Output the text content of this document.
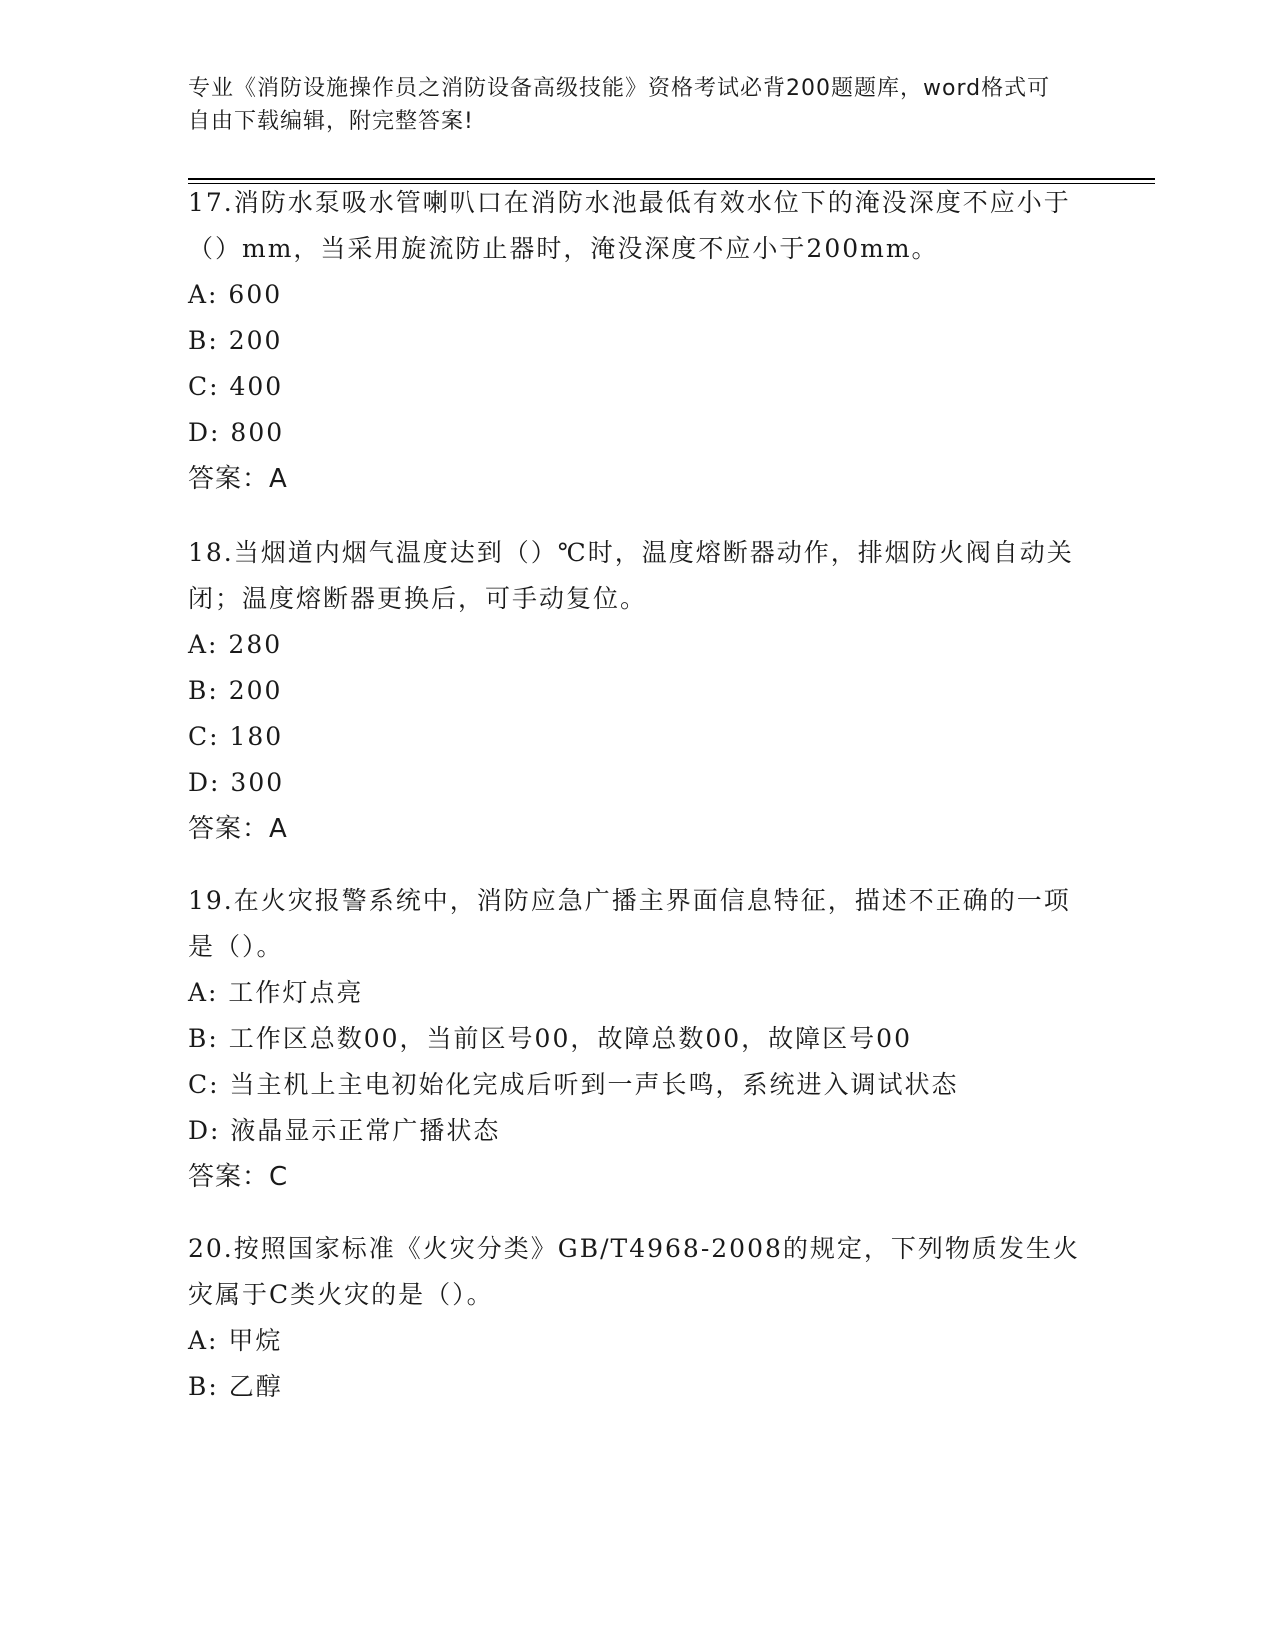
专业《消防设施操作员之消防设备高级技能》资格考试必背200题题库，word格式可自由下载编辑，附完整答案!

17.消防水泵吸水管喇叭口在消防水池最低有效水位下的淹没深度不应小于（）mm，当采用旋流防止器时，淹没深度不应小于200mm。

A: 600

B: 200

C: 400

D: 800

答案：A

18.当烟道内烟气温度达到（）℃时，温度熔断器动作，排烟防火阀自动关闭；温度熔断器更换后，可手动复位。

A: 280

B: 200

C: 180

D: 300

答案：A

19.在火灾报警系统中，消防应急广播主界面信息特征，描述不正确的一项是（）。

A: 工作灯点亮

B: 工作区总数00，当前区号00，故障总数00，故障区号00

C: 当主机上主电初始化完成后听到一声长鸣，系统进入调试状态

D: 液晶显示正常广播状态

答案：C

20.按照国家标准《火灾分类》GB/T4968-2008的规定，下列物质发生火灾属于C类火灾的是（）。

A: 甲烷

B: 乙醇
